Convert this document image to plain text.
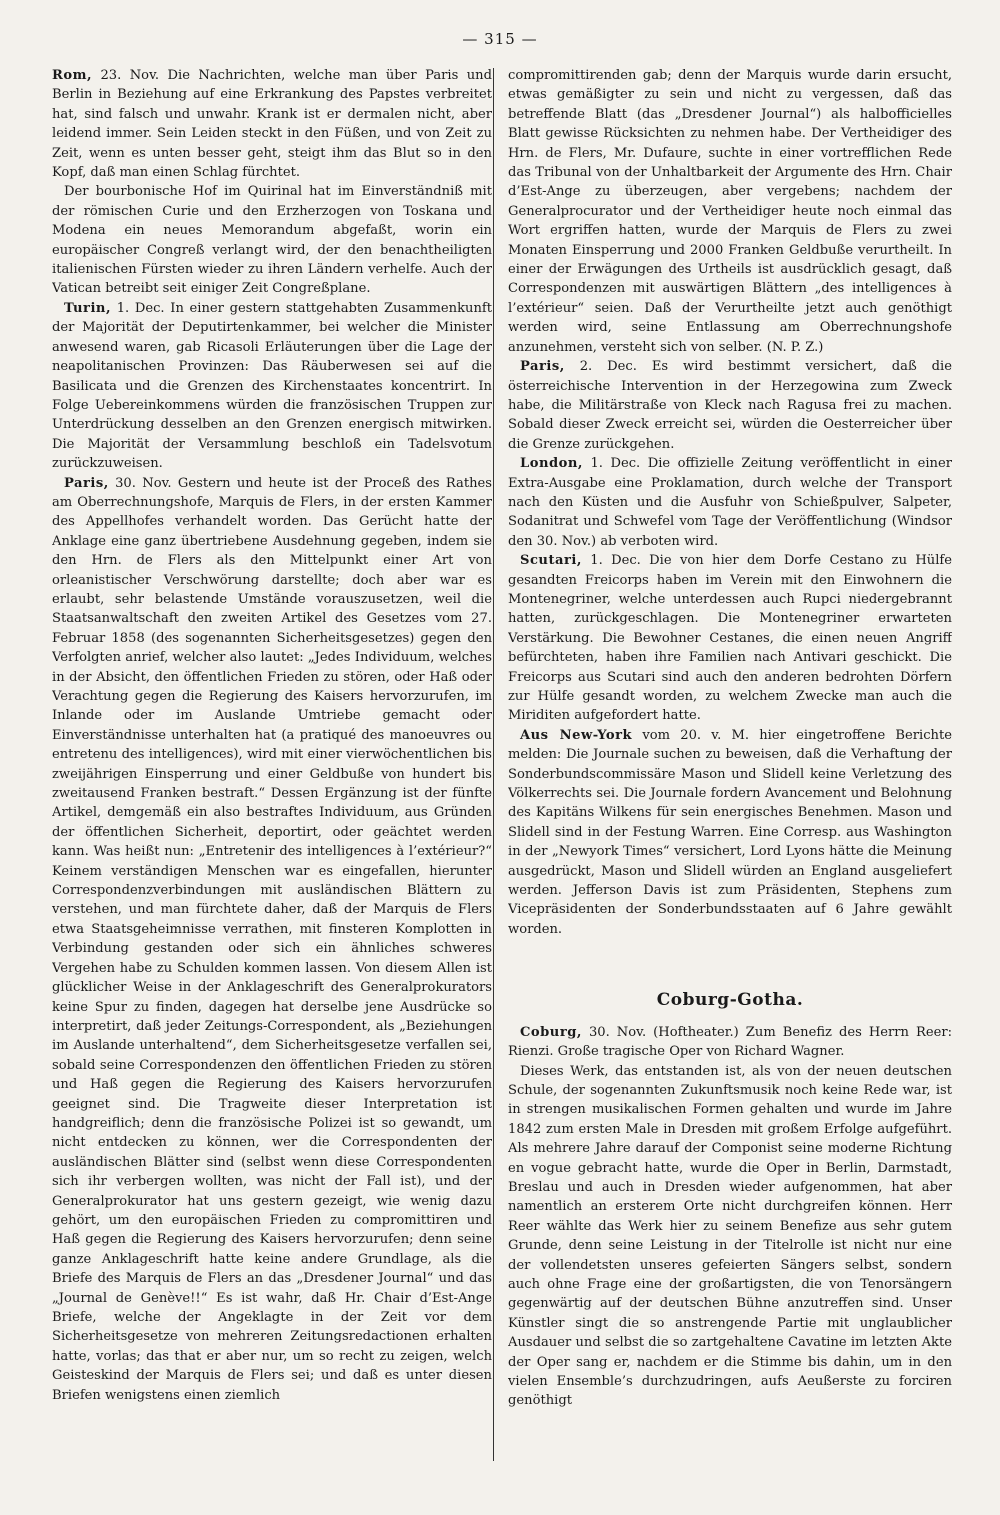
— 315 —

Rom, 23. Nov. Die Nachrichten, welche man über Paris und Berlin in Beziehung auf eine Erkrankung des Papstes verbreitet hat, sind falsch und unwahr. Krank ist er dermalen nicht, aber leidend immer. Sein Leiden steckt in den Füßen, und von Zeit zu Zeit, wenn es unten besser geht, steigt ihm das Blut so in den Kopf, daß man einen Schlag fürchtet.

Der bourbonische Hof im Quirinal hat im Einverständniß mit der römischen Curie und den Erzherzogen von Toskana und Modena ein neues Memorandum abgefaßt, worin ein europäischer Congreß verlangt wird, der den benachtheiligten italienischen Fürsten wieder zu ihren Ländern verhelfe. Auch der Vatican betreibt seit einiger Zeit Congreßplane.

Turin, 1. Dec. In einer gestern stattgehabten Zusammenkunft der Majorität der Deputirtenkammer, bei welcher die Minister anwesend waren, gab Ricasoli Erläuterungen über die Lage der neapolitanischen Provinzen: Das Räuberwesen sei auf die Basilicata und die Grenzen des Kirchenstaates koncentrirt. In Folge Uebereinkommens würden die französischen Truppen zur Unterdrückung desselben an den Grenzen energisch mitwirken. Die Majorität der Versammlung beschloß ein Tadelsvotum zurückzuweisen.

Paris, 30. Nov. Gestern und heute ist der Proceß des Rathes am Oberrechnungshofe, Marquis de Flers, in der ersten Kammer des Appellhofes verhandelt worden. Das Gerücht hatte der Anklage eine ganz übertriebene Ausdehnung gegeben, indem sie den Hrn. de Flers als den Mittelpunkt einer Art von orleanistischer Verschwörung darstellte; doch aber war es erlaubt, sehr belastende Umstände vorauszusetzen, weil die Staatsanwaltschaft den zweiten Artikel des Gesetzes vom 27. Februar 1858 (des sogenannten Sicherheitsgesetzes) gegen den Verfolgten anrief, welcher also lautet: „Jedes Individuum, welches in der Absicht, den öffentlichen Frieden zu stören, oder Haß oder Verachtung gegen die Regierung des Kaisers hervorzurufen, im Inlande oder im Auslande Umtriebe gemacht oder Einverständnisse unterhalten hat (a pratiqué des manoeuvres ou entretenu des intelligences), wird mit einer vierwöchentlichen bis zweijährigen Einsperrung und einer Geldbuße von hundert bis zweitausend Franken bestraft.“ Dessen Ergänzung ist der fünfte Artikel, demgemäß ein also bestraftes Individuum, aus Gründen der öffentlichen Sicherheit, deportirt, oder geächtet werden kann. Was heißt nun: „Entretenir des intelligences à l’extérieur?“ Keinem verständigen Menschen war es eingefallen, hierunter Correspondenzverbindungen mit ausländischen Blättern zu verstehen, und man fürchtete daher, daß der Marquis de Flers etwa Staatsgeheimnisse verrathen, mit finsteren Komplotten in Verbindung gestanden oder sich ein ähnliches schweres Vergehen habe zu Schulden kommen lassen. Von diesem Allen ist glücklicher Weise in der Anklageschrift des Generalprokurators keine Spur zu finden, dagegen hat derselbe jene Ausdrücke so interpretirt, daß jeder Zeitungs-Correspondent, als „Beziehungen im Auslande unterhaltend“, dem Sicherheitsgesetze verfallen sei, sobald seine Correspondenzen den öffentlichen Frieden zu stören und Haß gegen die Regierung des Kaisers hervorzurufen geeignet sind. Die Tragweite dieser Interpretation ist handgreiflich; denn die französische Polizei ist so gewandt, um nicht entdecken zu können, wer die Correspondenten der ausländischen Blätter sind (selbst wenn diese Correspondenten sich ihr verbergen wollten, was nicht der Fall ist), und der Generalprokurator hat uns gestern gezeigt, wie wenig dazu gehört, um den europäischen Frieden zu compromittiren und Haß gegen die Regierung des Kaisers hervorzurufen; denn seine ganze Anklageschrift hatte keine andere Grundlage, als die Briefe des Marquis de Flers an das „Dresdener Journal“ und das „Journal de Genève!!“ Es ist wahr, daß Hr. Chair d’Est-Ange Briefe, welche der Angeklagte in der Zeit vor dem Sicherheitsgesetze von mehreren Zeitungsredactionen erhalten hatte, vorlas; das that er aber nur, um so recht zu zeigen, welch Geisteskind der Marquis de Flers sei; und daß es unter diesen Briefen wenigstens einen ziemlich

compromittirenden gab; denn der Marquis wurde darin ersucht, etwas gemäßigter zu sein und nicht zu vergessen, daß das betreffende Blatt (das „Dresdener Journal“) als halbofficielles Blatt gewisse Rücksichten zu nehmen habe. Der Vertheidiger des Hrn. de Flers, Mr. Dufaure, suchte in einer vortrefflichen Rede das Tribunal von der Unhaltbarkeit der Argumente des Hrn. Chair d’Est-Ange zu überzeugen, aber vergebens; nachdem der Generalprocurator und der Vertheidiger heute noch einmal das Wort ergriffen hatten, wurde der Marquis de Flers zu zwei Monaten Einsperrung und 2000 Franken Geldbuße verurtheilt. In einer der Erwägungen des Urtheils ist ausdrücklich gesagt, daß Correspondenzen mit auswärtigen Blättern „des intelligences à l’extérieur“ seien. Daß der Verurtheilte jetzt auch genöthigt werden wird, seine Entlassung am Oberrechnungshofe anzunehmen, versteht sich von selber. (N. P. Z.)

Paris, 2. Dec. Es wird bestimmt versichert, daß die österreichische Intervention in der Herzegowina zum Zweck habe, die Militärstraße von Kleck nach Ragusa frei zu machen. Sobald dieser Zweck erreicht sei, würden die Oesterreicher über die Grenze zurückgehen.

London, 1. Dec. Die offizielle Zeitung veröffentlicht in einer Extra-Ausgabe eine Proklamation, durch welche der Transport nach den Küsten und die Ausfuhr von Schießpulver, Salpeter, Sodanitrat und Schwefel vom Tage der Veröffentlichung (Windsor den 30. Nov.) ab verboten wird.

Scutari, 1. Dec. Die von hier dem Dorfe Cestano zu Hülfe gesandten Freicorps haben im Verein mit den Einwohnern die Montenegriner, welche unterdessen auch Rupci niedergebrannt hatten, zurückgeschlagen. Die Montenegriner erwarteten Verstärkung. Die Bewohner Cestanes, die einen neuen Angriff befürchteten, haben ihre Familien nach Antivari geschickt. Die Freicorps aus Scutari sind auch den anderen bedrohten Dörfern zur Hülfe gesandt worden, zu welchem Zwecke man auch die Miriditen aufgefordert hatte.

Aus New-York vom 20. v. M. hier eingetroffene Berichte melden: Die Journale suchen zu beweisen, daß die Verhaftung der Sonderbundscommissäre Mason und Slidell keine Verletzung des Völkerrechts sei. Die Journale fordern Avancement und Belohnung des Kapitäns Wilkens für sein energisches Benehmen. Mason und Slidell sind in der Festung Warren. Eine Corresp. aus Washington in der „Newyork Times“ versichert, Lord Lyons hätte die Meinung ausgedrückt, Mason und Slidell würden an England ausgeliefert werden. Jefferson Davis ist zum Präsidenten, Stephens zum Vicepräsidenten der Sonderbundsstaaten auf 6 Jahre gewählt worden.

Coburg-Gotha.

Coburg, 30. Nov. (Hoftheater.) Zum Benefiz des Herrn Reer: Rienzi. Große tragische Oper von Richard Wagner.

Dieses Werk, das entstanden ist, als von der neuen deutschen Schule, der sogenannten Zukunftsmusik noch keine Rede war, ist in strengen musikalischen Formen gehalten und wurde im Jahre 1842 zum ersten Male in Dresden mit großem Erfolge aufgeführt. Als mehrere Jahre darauf der Componist seine moderne Richtung en vogue gebracht hatte, wurde die Oper in Berlin, Darmstadt, Breslau und auch in Dresden wieder aufgenommen, hat aber namentlich an ersterem Orte nicht durchgreifen können. Herr Reer wählte das Werk hier zu seinem Benefize aus sehr gutem Grunde, denn seine Leistung in der Titelrolle ist nicht nur eine der vollendetsten unseres gefeierten Sängers selbst, sondern auch ohne Frage eine der großartigsten, die von Tenorsängern gegenwärtig auf der deutschen Bühne anzutreffen sind. Unser Künstler singt die so anstrengende Partie mit unglaublicher Ausdauer und selbst die so zartgehaltene Cavatine im letzten Akte der Oper sang er, nachdem er die Stimme bis dahin, um in den vielen Ensemble’s durchzudringen, aufs Aeußerste zu forciren genöthigt
